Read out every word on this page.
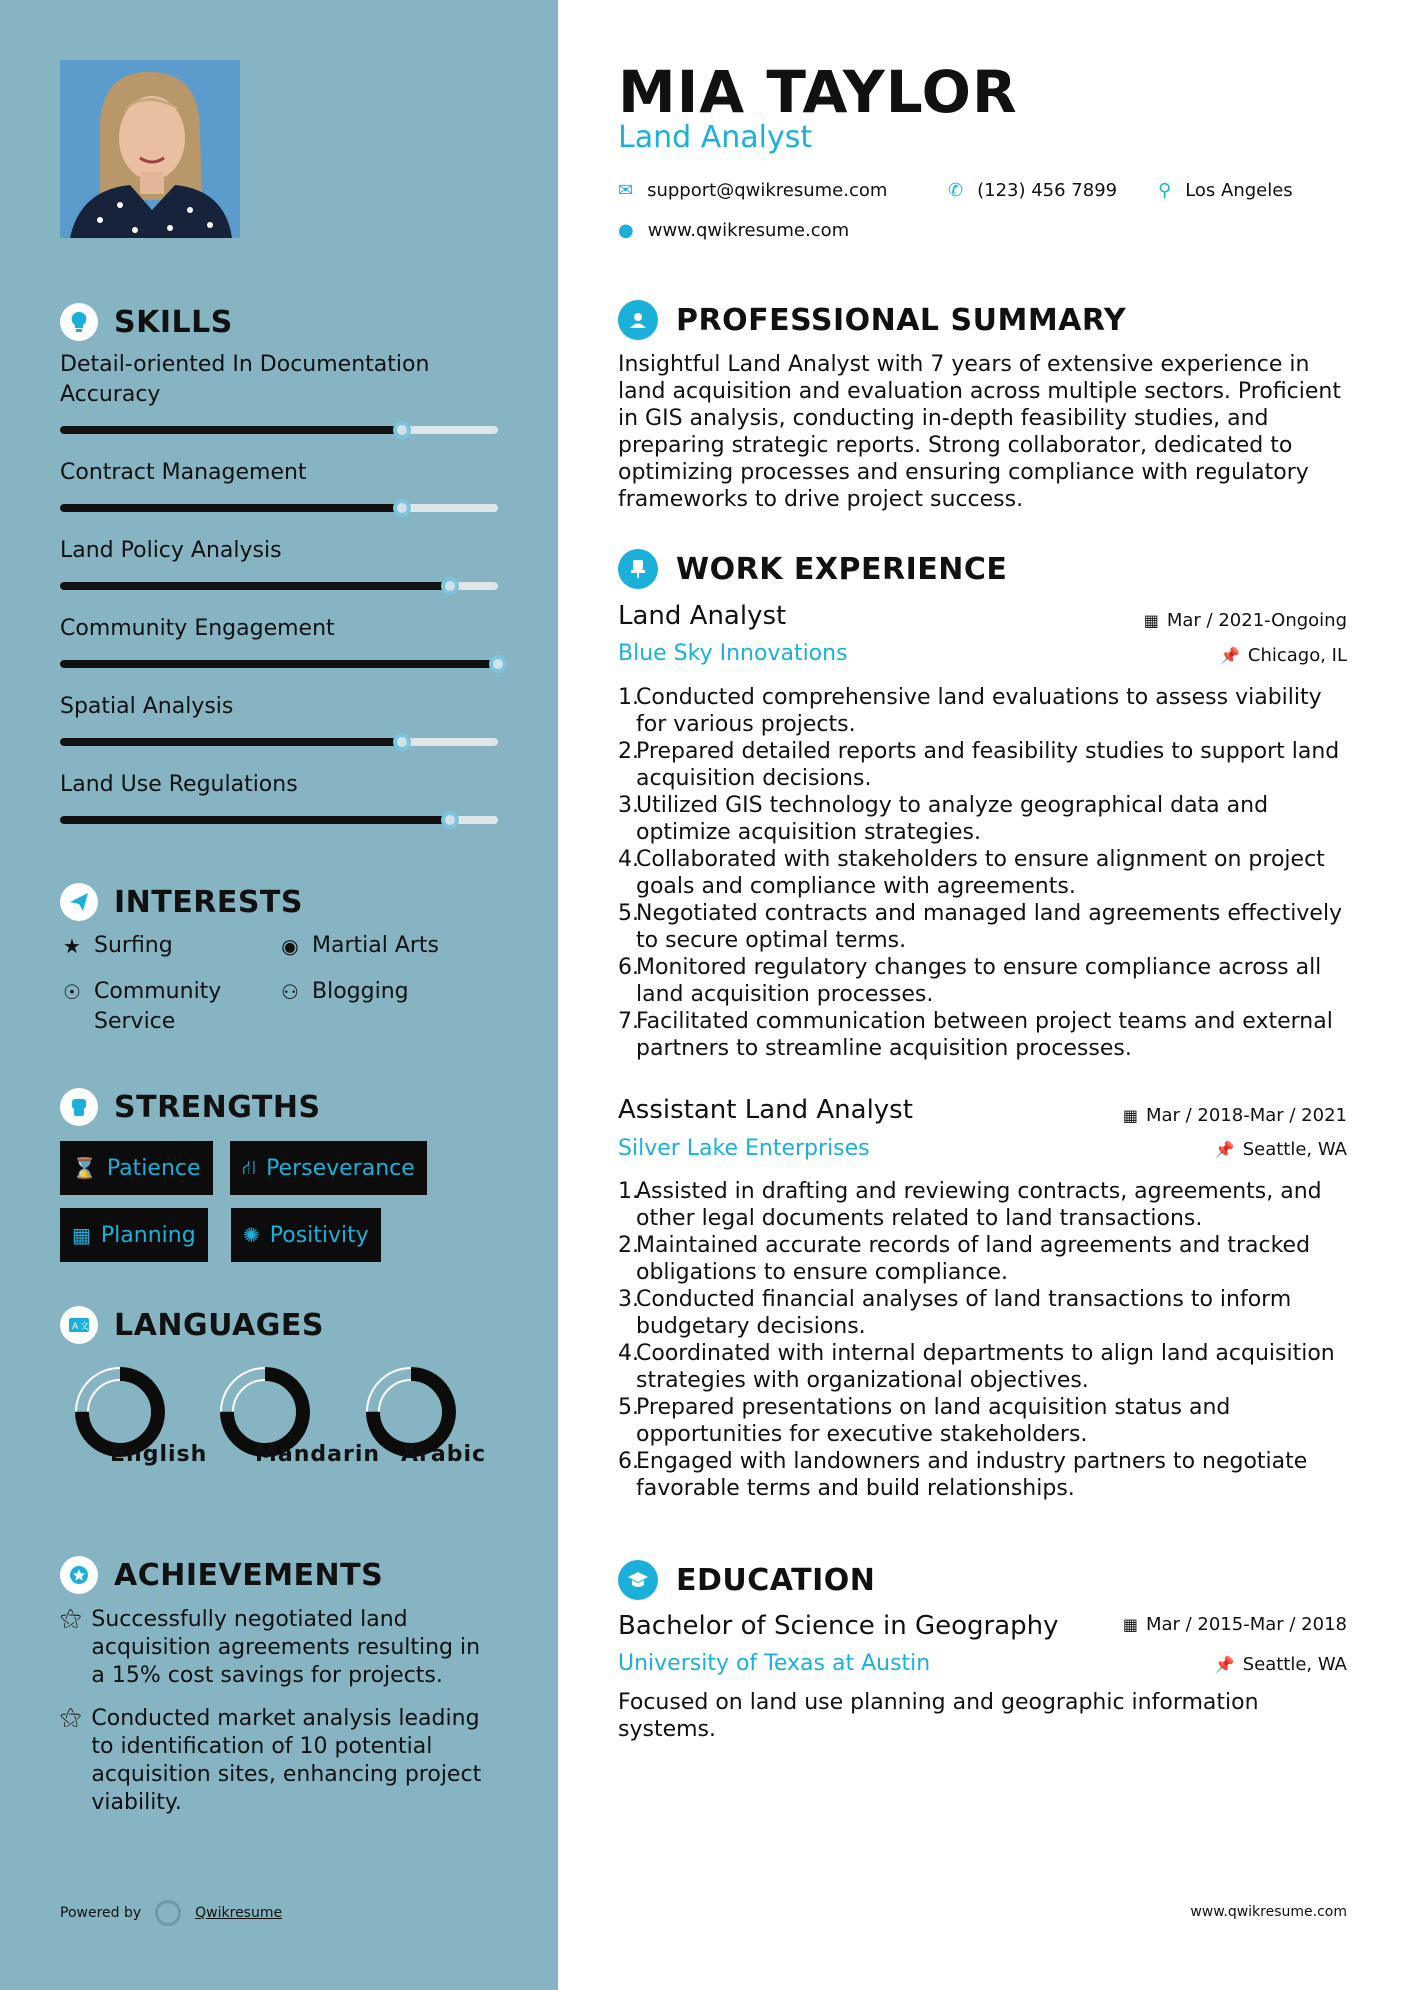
SKILLS
Detail-oriented In Documentation Accuracy
Contract Management
Land Policy Analysis
Community Engagement
Spatial Analysis
Land Use Regulations
INTERESTS
★ Surfing	◉ Martial Arts
☉ Community Service
⚇ Blogging
STRENGTHS
⌛ Patience ⛙ Perseverance
▦ Planning ✺ Positivity
A 文 LANGUAGES
English Mandarin Arabic
ACHIEVEMENTS
⚝ Successfully negotiated land acquisition agreements resulting in a 15% cost savings for projects.
⚝ Conducted market analysis leading to identification of 10 potential acquisition sites, enhancing project viability.
Powered by	Qwikresume
MIA TAYLOR
Land Analyst
✉ support@qwikresume.com	✆ (123) 456 7899 ⚲ Los Angeles
● www.qwikresume.com
PROFESSIONAL SUMMARY
Insightful Land Analyst with 7 years of extensive experience in land acquisition and evaluation across multiple sectors. Proficient in GIS analysis, conducting in-depth feasibility studies, and preparing strategic reports. Strong collaborator, dedicated to optimizing processes and ensuring compliance with regulatory frameworks to drive project success.
WORK EXPERIENCE
Land Analyst	▦ Mar / 2021-Ongoing
Blue Sky Innovations	📌 Chicago, IL
1.
Conducted comprehensive land evaluations to assess viability for various projects.
2.
Prepared detailed reports and feasibility studies to support land acquisition decisions.
3.
Utilized GIS technology to analyze geographical data and optimize acquisition strategies.
4.
Collaborated with stakeholders to ensure alignment on project goals and compliance with agreements.
5.
Negotiated contracts and managed land agreements effectively to secure optimal terms.
6.
Monitored regulatory changes to ensure compliance across all land acquisition processes.
7.
Facilitated communication between project teams and external partners to streamline acquisition processes.
Assistant Land Analyst	▦ Mar / 2018-Mar / 2021
Silver Lake Enterprises	📌 Seattle, WA
1.
Assisted in drafting and reviewing contracts, agreements, and other legal documents related to land transactions.
2.
Maintained accurate records of land agreements and tracked obligations to ensure compliance.
3.
Conducted financial analyses of land transactions to inform budgetary decisions.
4.
Coordinated with internal departments to align land acquisition strategies with organizational objectives.
5.
Prepared presentations on land acquisition status and opportunities for executive stakeholders.
6.
Engaged with landowners and industry partners to negotiate favorable terms and build relationships.
EDUCATION
Bachelor of Science in Geography	▦ Mar / 2015-Mar / 2018
University of Texas at Austin	📌 Seattle, WA
Focused on land use planning and geographic information systems.
www.qwikresume.com
